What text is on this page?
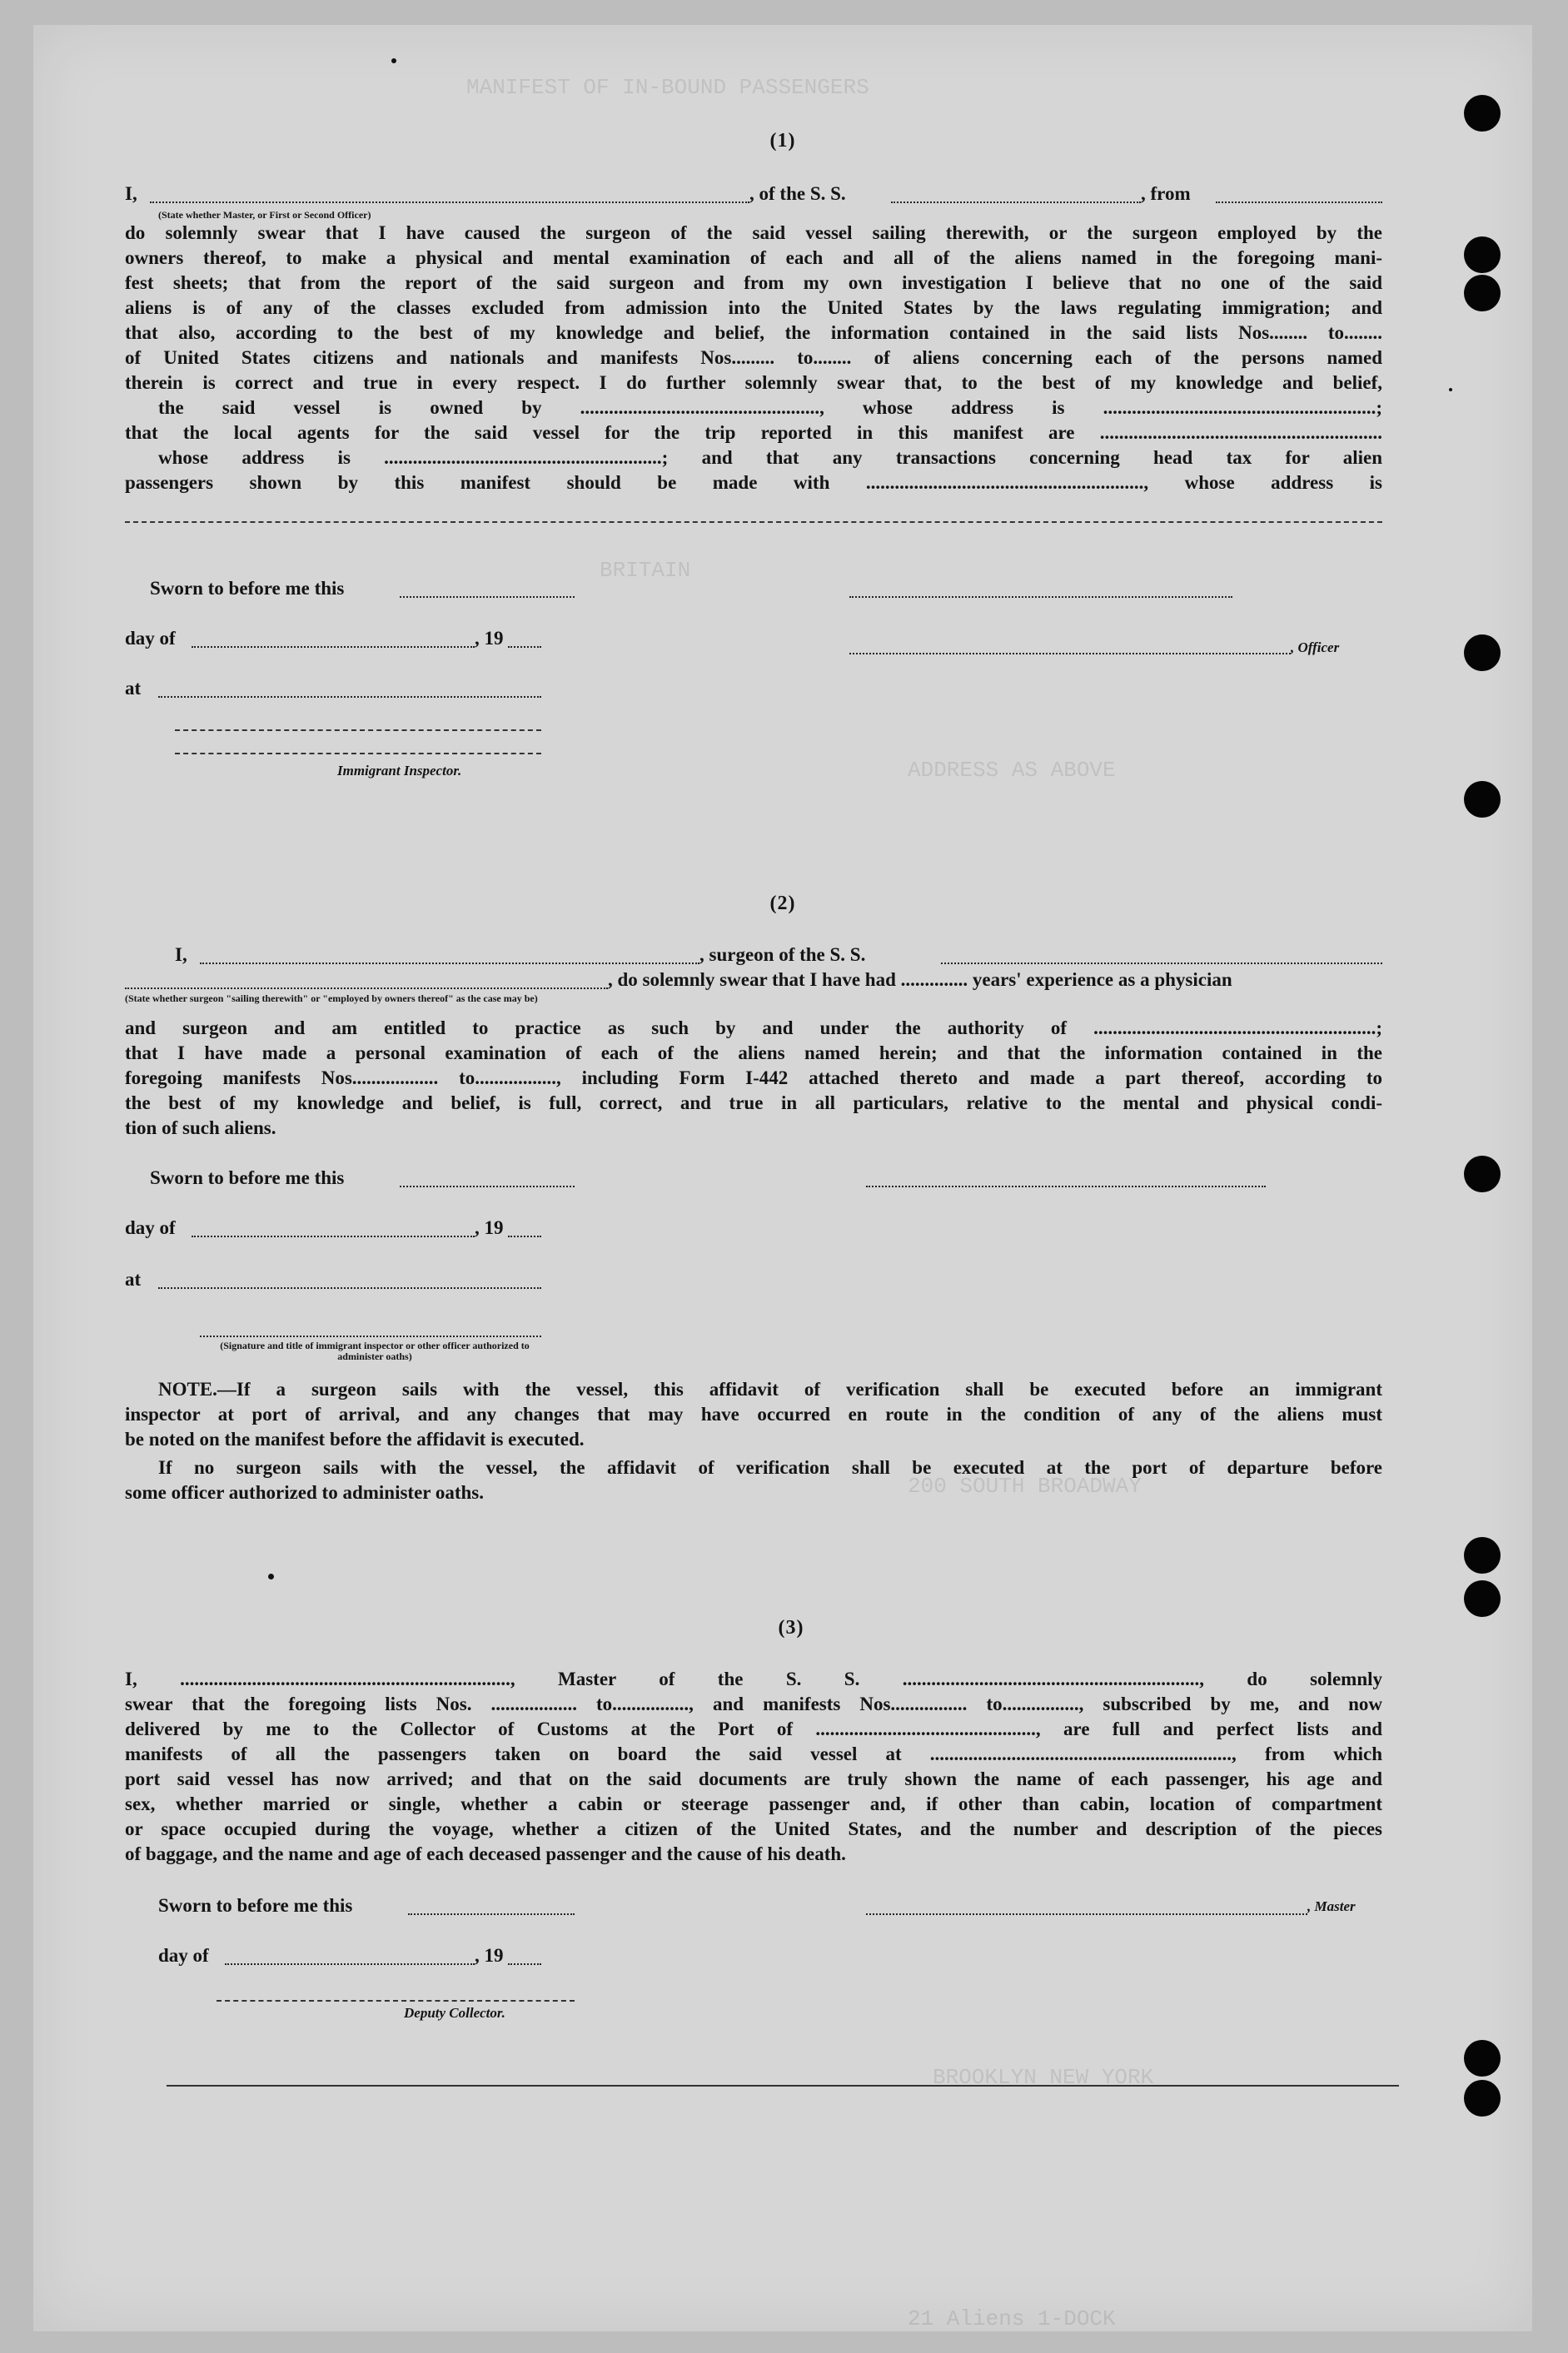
MANIFEST OF IN-BOUND PASSENGERS
BRITAIN
ADDRESS AS ABOVE
200 SOUTH BROADWAY
BROOKLYN NEW YORK
21 Aliens 1-DOCK
(1)
I,	, of the S. S.	, from
(State whether Master, or First or Second Officer)
do solemnly swear that I have caused the surgeon of the said vessel sailing therewith, or the surgeon employed by the
owners thereof, to make a physical and mental examination of each and all of the aliens named in the foregoing mani-
fest sheets; that from the report of the said surgeon and from my own investigation I believe that no one of the said
aliens is of any of the classes excluded from admission into the United States by the laws regulating immigration; and
that also, according to the best of my knowledge and belief, the information contained in the said lists Nos........ to........
of United States citizens and nationals and manifests Nos......... to........ of aliens concerning each of the persons named
therein is correct and true in every respect. I do further solemnly swear that, to the best of my knowledge and belief,
the said vessel is owned by .................................................., whose address is .........................................................;
that the local agents for the said vessel for the trip reported in this manifest are ...........................................................
whose address is ..........................................................; and that any transactions concerning head tax for alien
passengers shown by this manifest should be made with .........................................................., whose address is
Sworn to before me this
day of	, 19	, Officer
at
Immigrant Inspector.
(2)
I,	, surgeon of the S. S.
, do solemnly swear that I have had .............. years' experience as a physician
(State whether surgeon "sailing therewith" or "employed by owners thereof" as the case may be)
and surgeon and am entitled to practice as such by and under the authority of ...........................................................;
that I have made a personal examination of each of the aliens named herein; and that the information contained in the
foregoing manifests Nos.................. to................., including Form I-442 attached thereto and made a part thereof, according to
the best of my knowledge and belief, is full, correct, and true in all particulars, relative to the mental and physical condi-
tion of such aliens.
Sworn to before me this
day of	, 19
at
(Signature and title of immigrant inspector or other officer authorized to administer oaths)
NOTE.—If a surgeon sails with the vessel, this affidavit of verification shall be executed before an immigrant
inspector at port of arrival, and any changes that may have occurred en route in the condition of any of the aliens must
be noted on the manifest before the affidavit is executed.
If no surgeon sails with the vessel, the affidavit of verification shall be executed at the port of departure before
some officer authorized to administer oaths.
(3)
I, ....................................................................., Master of the S. S. .............................................................., do solemnly
swear that the foregoing lists Nos. .................. to................, and manifests Nos................ to................, subscribed by me, and now
delivered by me to the Collector of Customs at the Port of .............................................., are full and perfect lists and
manifests of all the passengers taken on board the said vessel at ..............................................................., from which
port said vessel has now arrived; and that on the said documents are truly shown the name of each passenger, his age and
sex, whether married or single, whether a cabin or steerage passenger and, if other than cabin, location of compartment
or space occupied during the voyage, whether a citizen of the United States, and the number and description of the pieces
of baggage, and the name and age of each deceased passenger and the cause of his death.
Sworn to before me this	, Master
day of	, 19
Deputy Collector.
